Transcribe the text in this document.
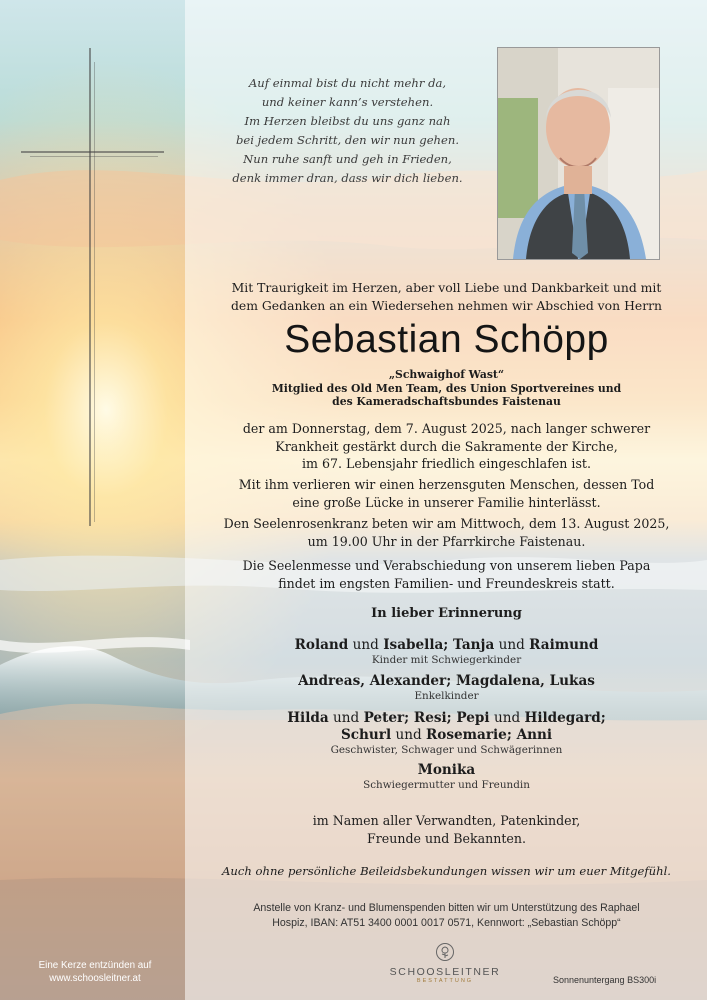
Auf einmal bist du nicht mehr da,
und keiner kann’s verstehen.
Im Herzen bleibst du uns ganz nah
bei jedem Schritt, den wir nun gehen.
Nun ruhe sanft und geh in Frieden,
denk immer dran, dass wir dich lieben.
Mit Traurigkeit im Herzen, aber voll Liebe und Dankbarkeit und mit
dem Gedanken an ein Wiedersehen nehmen wir Abschied von Herrn
Sebastian Schöpp
„Schwaighof Wast“
Mitglied des Old Men Team, des Union Sportvereines und
des Kameradschaftsbundes Faistenau
der am Donnerstag, dem 7. August 2025, nach langer schwerer
Krankheit gestärkt durch die Sakramente der Kirche,
im 67. Lebensjahr friedlich eingeschlafen ist.
Mit ihm verlieren wir einen herzensguten Menschen, dessen Tod
eine große Lücke in unserer Familie hinterlässt.
Den Seelenrosenkranz beten wir am Mittwoch, dem 13. August 2025,
um 19.00 Uhr in der Pfarrkirche Faistenau.
Die Seelenmesse und Verabschiedung von unserem lieben Papa
findet im engsten Familien- und Freundeskreis statt.
In lieber Erinnerung
Roland und Isabella; Tanja und Raimund
Kinder mit Schwiegerkinder
Andreas, Alexander; Magdalena, Lukas
Enkelkinder
Hilda und Peter; Resi; Pepi und Hildegard;
Schurl und Rosemarie; Anni
Geschwister, Schwager und Schwägerinnen
Monika
Schwiegermutter und Freundin
im Namen aller Verwandten, Patenkinder,
Freunde und Bekannten.
Auch ohne persönliche Beileidsbekundungen wissen wir um euer Mitgefühl.
Anstelle von Kranz- und Blumenspenden bitten wir um Unterstützung des Raphael
Hospiz, IBAN: AT51 3400 0001 0017 0571, Kennwort: „Sebastian Schöpp“
Eine Kerze entzünden auf
www.schoosleitner.at
SCHOOSLEITNER
BESTATTUNG	Sonnenuntergang BS300i
